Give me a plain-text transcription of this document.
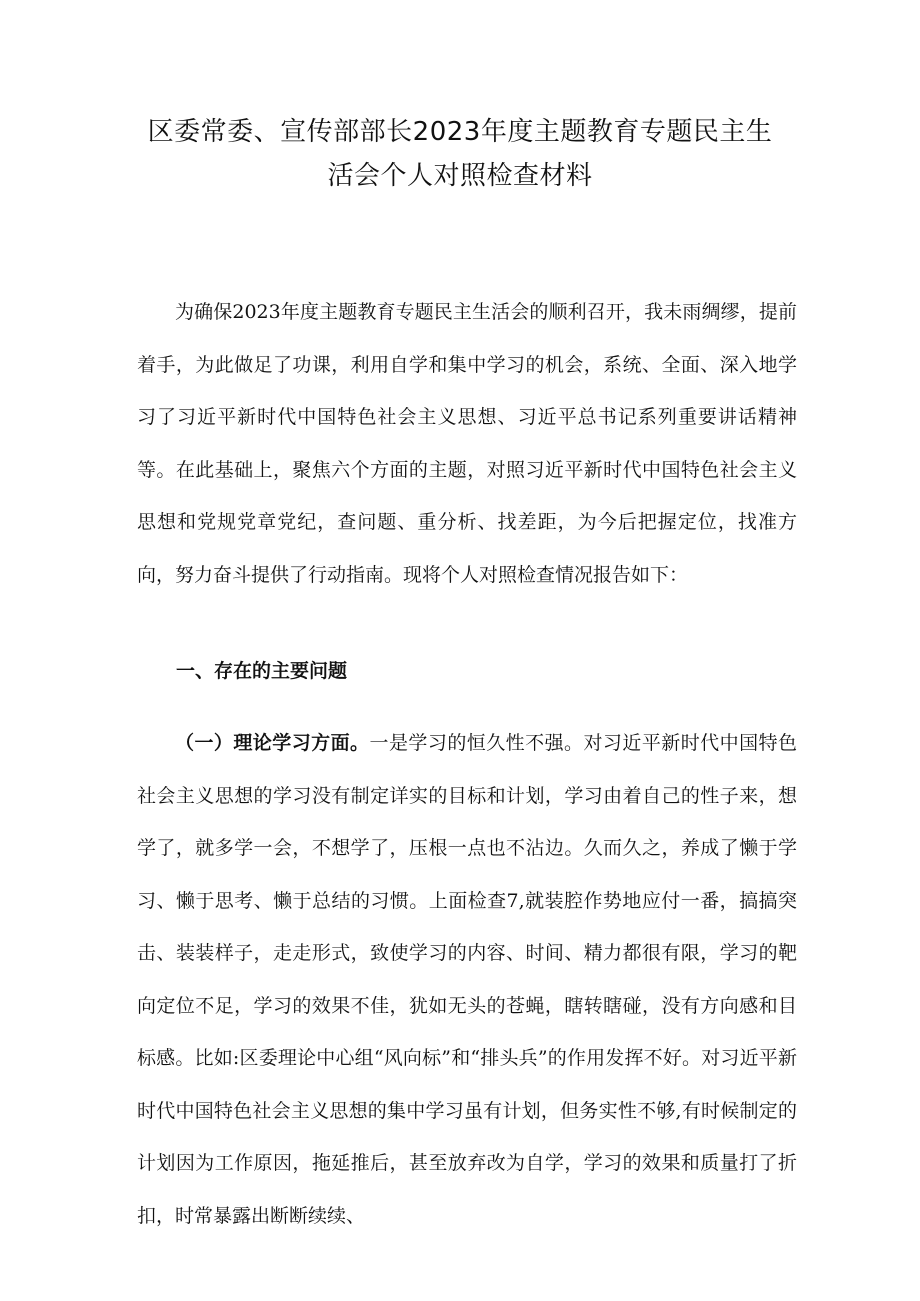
区委常委、宣传部部长2023年度主题教育专题民主生
活会个人对照检查材料
为确保2023年度主题教育专题民主生活会的顺利召开，我未雨绸缪，提前着手，为此做足了功课，利用自学和集中学习的机会，系统、全面、深入地学习了习近平新时代中国特色社会主义思想、习近平总书记系列重要讲话精神等。在此基础上，聚焦六个方面的主题，对照习近平新时代中国特色社会主义思想和党规党章党纪，查问题、重分析、找差距，为今后把握定位，找准方向，努力奋斗提供了行动指南。现将个人对照检查情况报告如下：
一、存在的主要问题
（一）理论学习方面。一是学习的恒久性不强。对习近平新时代中国特色社会主义思想的学习没有制定详实的目标和计划，学习由着自己的性子来，想学了，就多学一会，不想学了，压根一点也不沾边。久而久之，养成了懒于学习、懒于思考、懒于总结的习惯。上面检查7,就装腔作势地应付一番，搞搞突击、装装样子，走走形式，致使学习的内容、时间、精力都很有限，学习的靶向定位不足，学习的效果不佳，犹如无头的苍蝇，瞎转瞎碰，没有方向感和目标感。比如:区委理论中心组“风向标”和“排头兵”的作用发挥不好。对习近平新时代中国特色社会主义思想的集中学习虽有计划，但务实性不够,有时候制定的计划因为工作原因，拖延推后，甚至放弃改为自学，学习的效果和质量打了折扣，时常暴露出断断续续、
